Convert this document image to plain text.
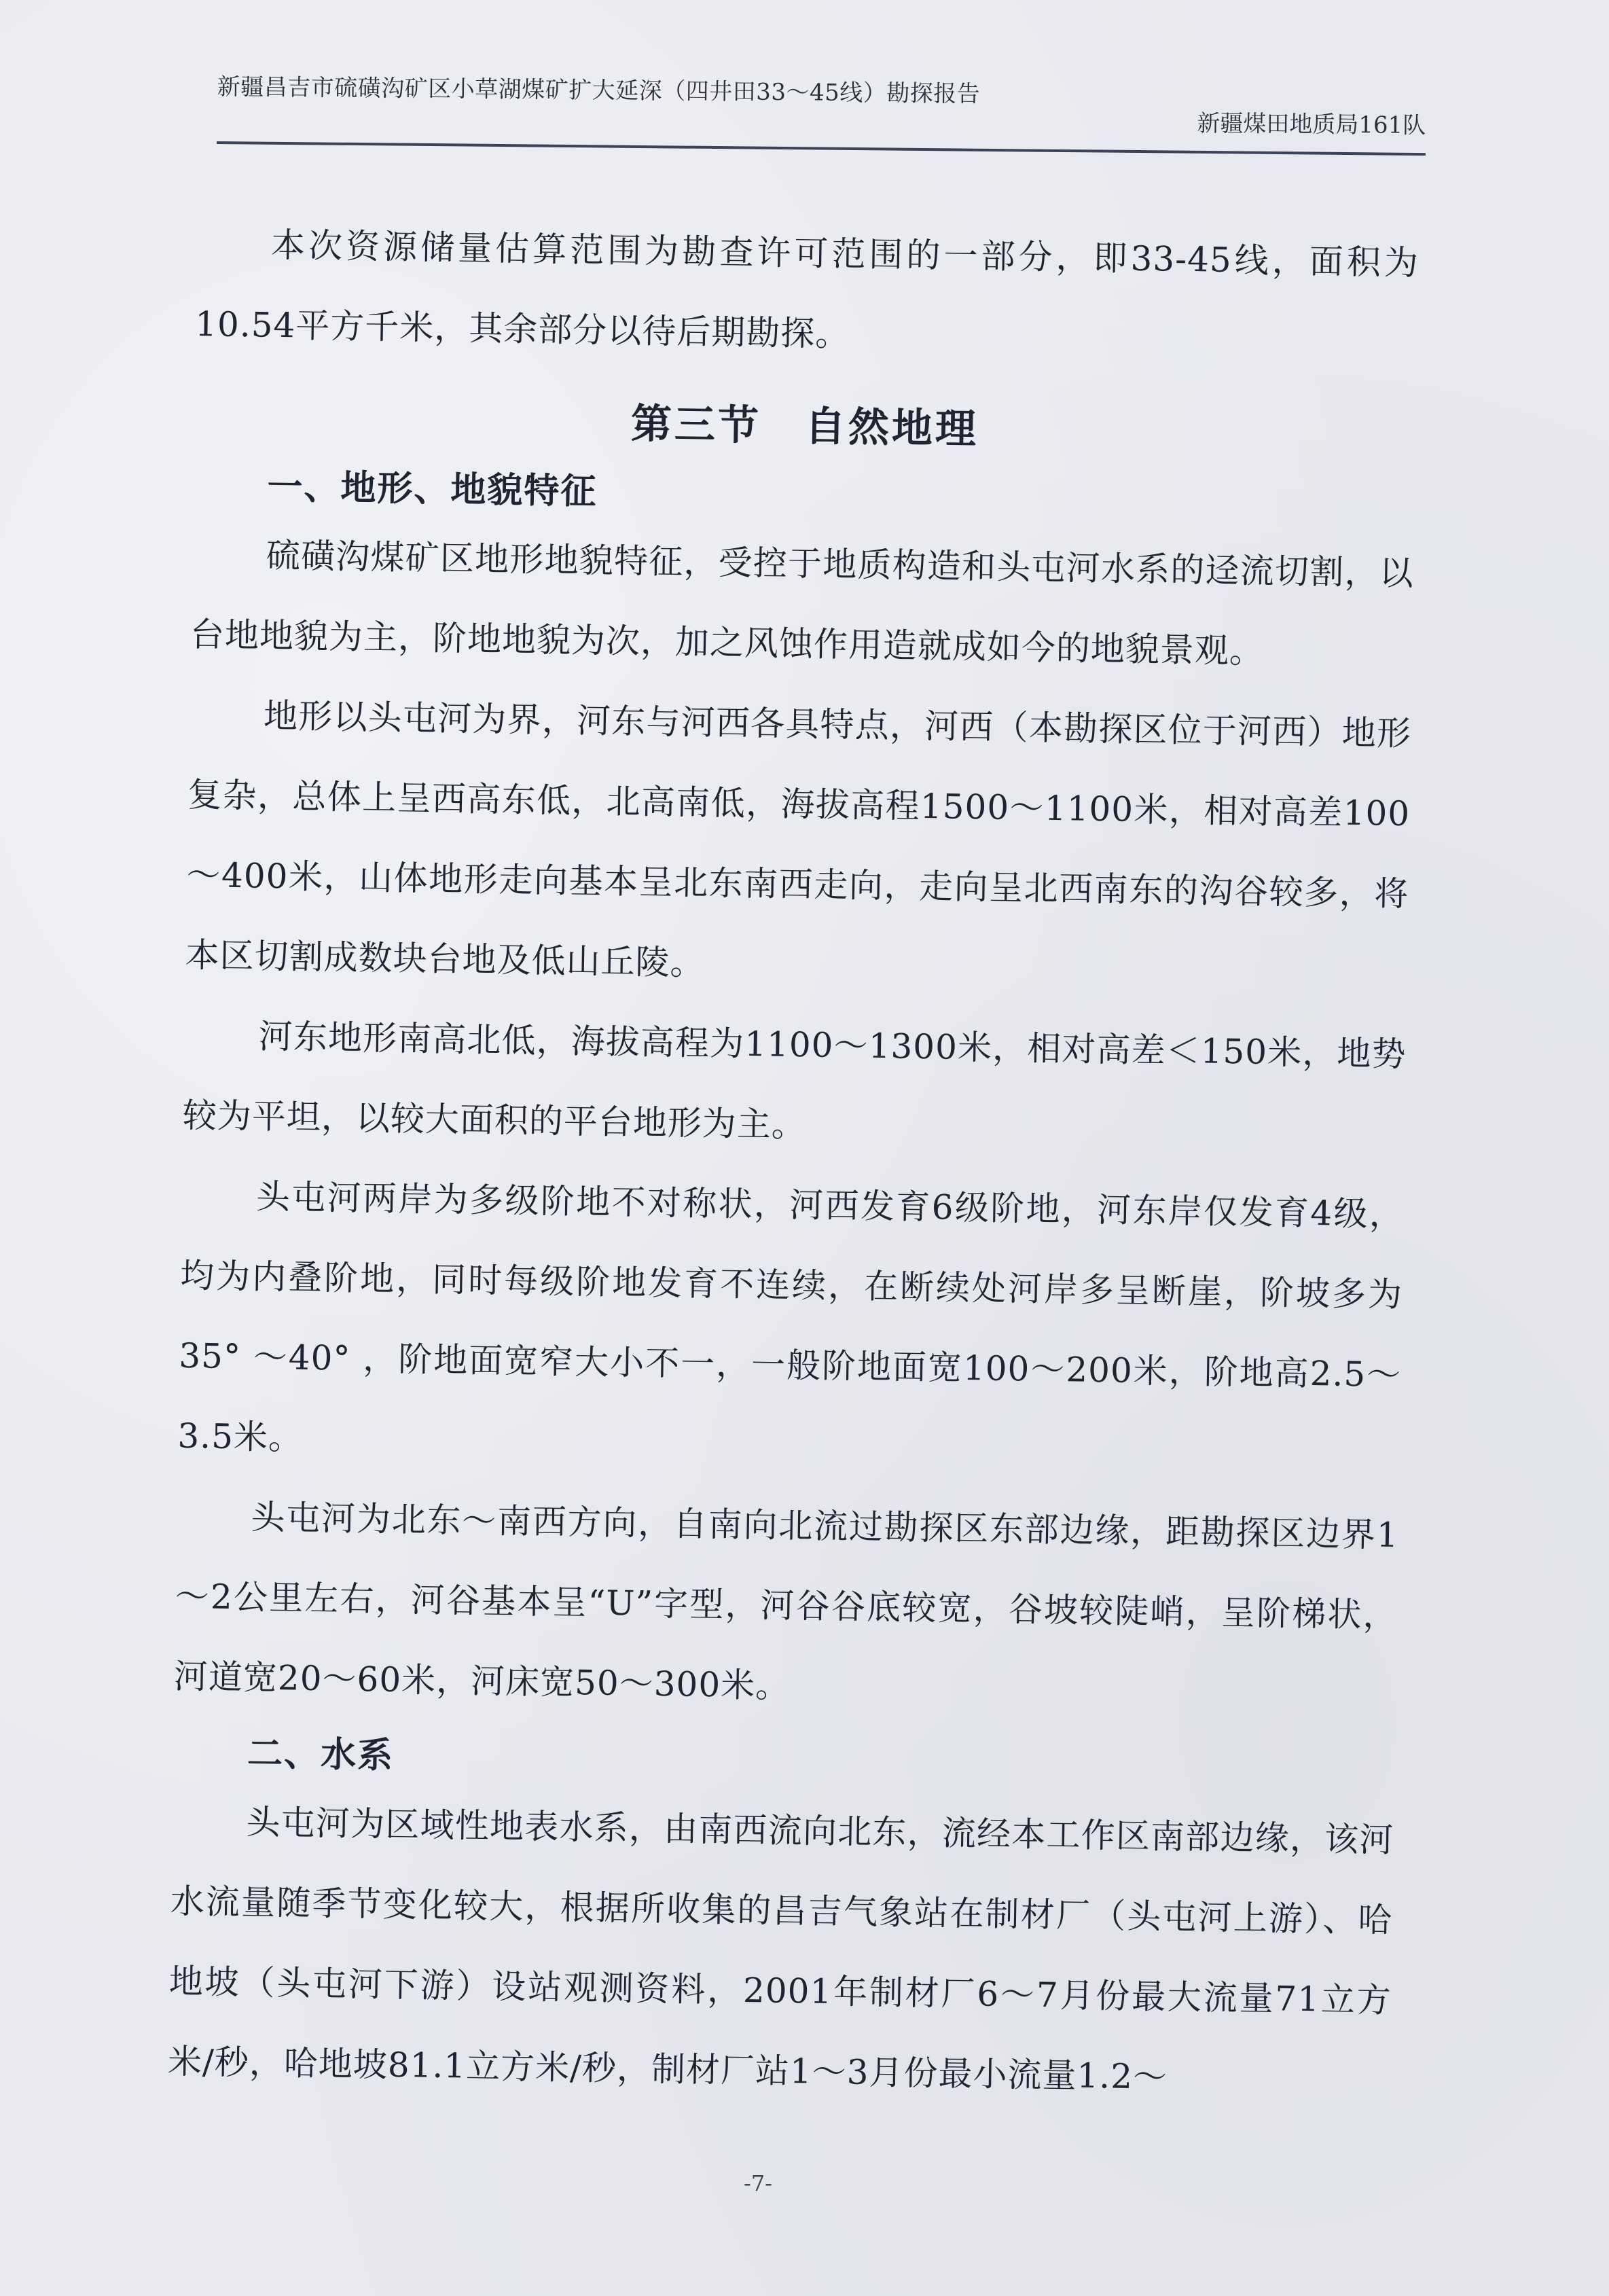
新疆昌吉市硫磺沟矿区小草湖煤矿扩大延深（四井田33～45线）勘探报告
新疆煤田地质局161队

本次资源储量估算范围为勘查许可范围的一部分，即33-45线，面积为10.54平方千米，其余部分以待后期勘探。

第三节　自然地理
一、地形、地貌特征

硫磺沟煤矿区地形地貌特征，受控于地质构造和头屯河水系的迳流切割，以台地地貌为主，阶地地貌为次，加之风蚀作用造就成如今的地貌景观。

地形以头屯河为界，河东与河西各具特点，河西（本勘探区位于河西）地形复杂，总体上呈西高东低，北高南低，海拔高程1500～1100米，相对高差100～400米，山体地形走向基本呈北东南西走向，走向呈北西南东的沟谷较多，将本区切割成数块台地及低山丘陵。

河东地形南高北低，海拔高程为1100～1300米，相对高差＜150米，地势较为平坦，以较大面积的平台地形为主。

头屯河两岸为多级阶地不对称状，河西发育6级阶地，河东岸仅发育4级，均为内叠阶地，同时每级阶地发育不连续，在断续处河岸多呈断崖，阶坡多为35° ～40° ，阶地面宽窄大小不一，一般阶地面宽100～200米，阶地高2.5～3.5米。

头屯河为北东～南西方向，自南向北流过勘探区东部边缘，距勘探区边界1～2公里左右，河谷基本呈“U”字型，河谷谷底较宽，谷坡较陡峭，呈阶梯状，河道宽20～60米，河床宽50～300米。

二、水系

头屯河为区域性地表水系，由南西流向北东，流经本工作区南部边缘，该河水流量随季节变化较大，根据所收集的昌吉气象站在制材厂（头屯河上游）、哈地坡（头屯河下游）设站观测资料，2001年制材厂6～7月份最大流量71立方米/秒，哈地坡81.1立方米/秒，制材厂站1～3月份最小流量1.2～

-7-
